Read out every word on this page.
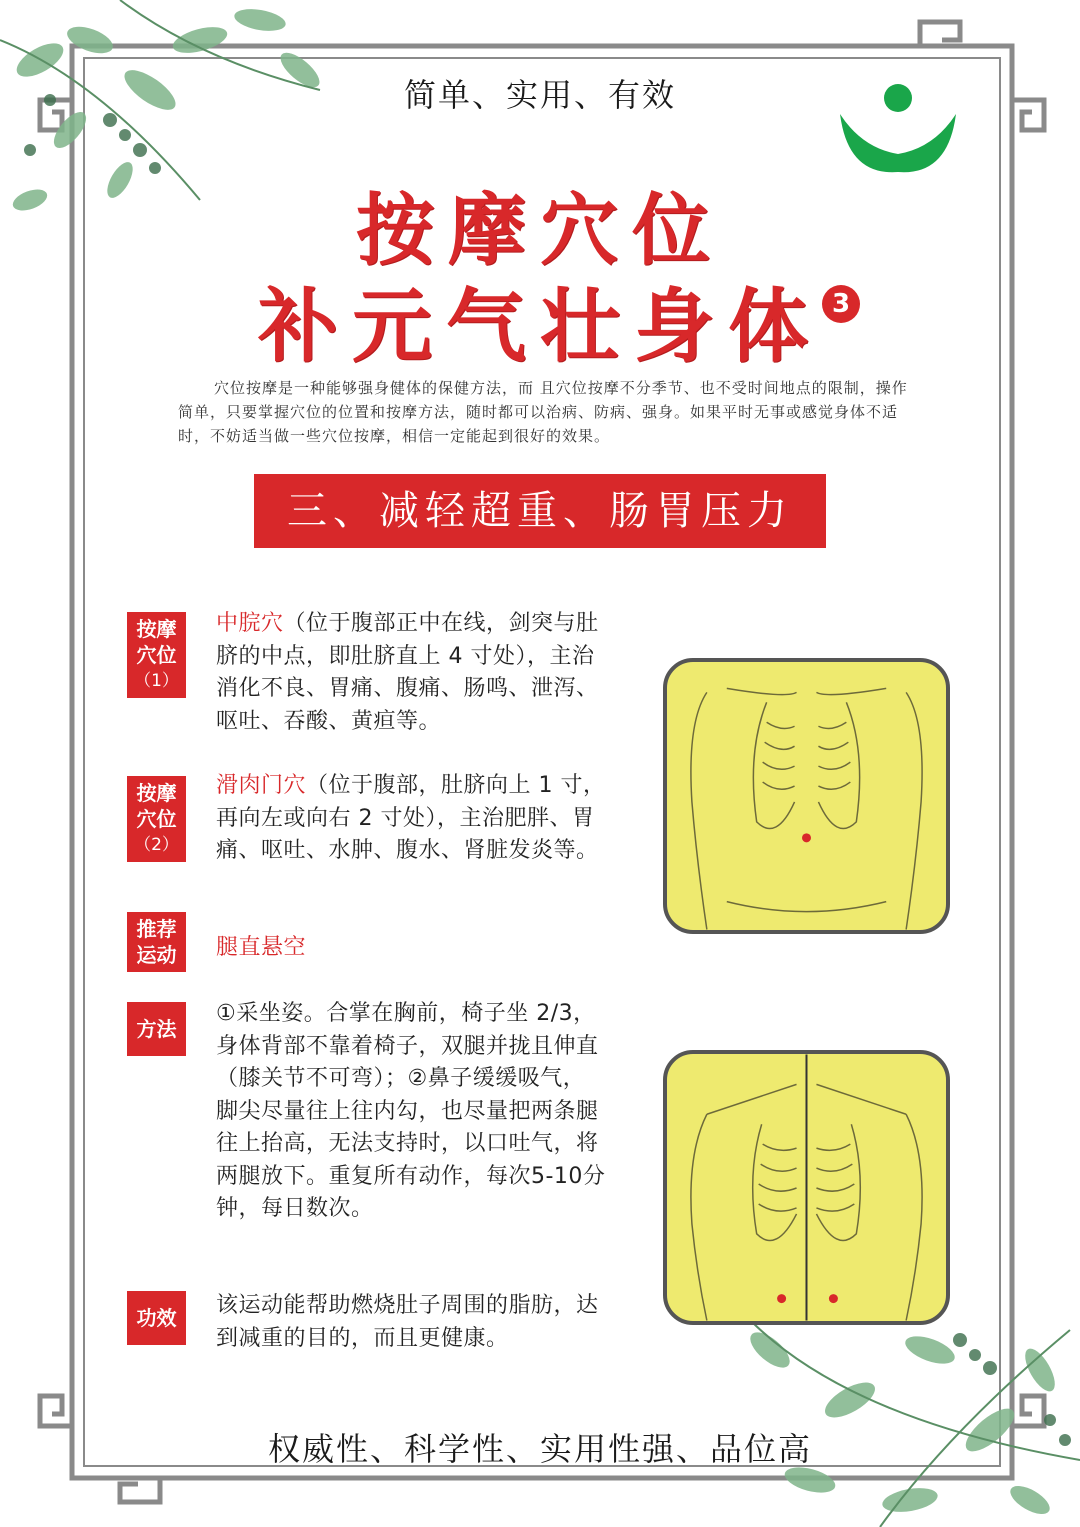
简单、实用、有效
按摩穴位
补元气壮身体 3
穴位按摩是一种能够强身健体的保健方法，而 且穴位按摩不分季节、也不受时间地点的限制，操作简单，只要掌握穴位的位置和按摩方法，随时都可以治病、防病、强身。如果平时无事或感觉身体不适时，不妨适当做一些穴位按摩，相信一定能起到很好的效果。
三、减轻超重、肠胃压力
按摩
穴位
（1）
中脘穴（位于腹部正中在线，剑突与肚脐的中点，即肚脐直上 4 寸处），主治消化不良、胃痛、腹痛、肠鸣、泄泻、呕吐、吞酸、黄疸等。
按摩
穴位
（2）
滑肉门穴（位于腹部，肚脐向上 1 寸，再向左或向右 2 寸处），主治肥胖、胃痛、呕吐、水肿、腹水、肾脏发炎等。
推荐
运动	腿直悬空
方法
①采坐姿。合掌在胸前，椅子坐 2/3，身体背部不靠着椅子，双腿并拢且伸直（膝关节不可弯）；②鼻子缓缓吸气，脚尖尽量往上往内勾，也尽量把两条腿往上抬高，无法支持时，以口吐气，将两腿放下。重复所有动作，每次5-10分钟，每日数次。
功效	该运动能帮助燃烧肚子周围的脂肪，达到减重的目的，而且更健康。
权威性、科学性、实用性强、品位高
